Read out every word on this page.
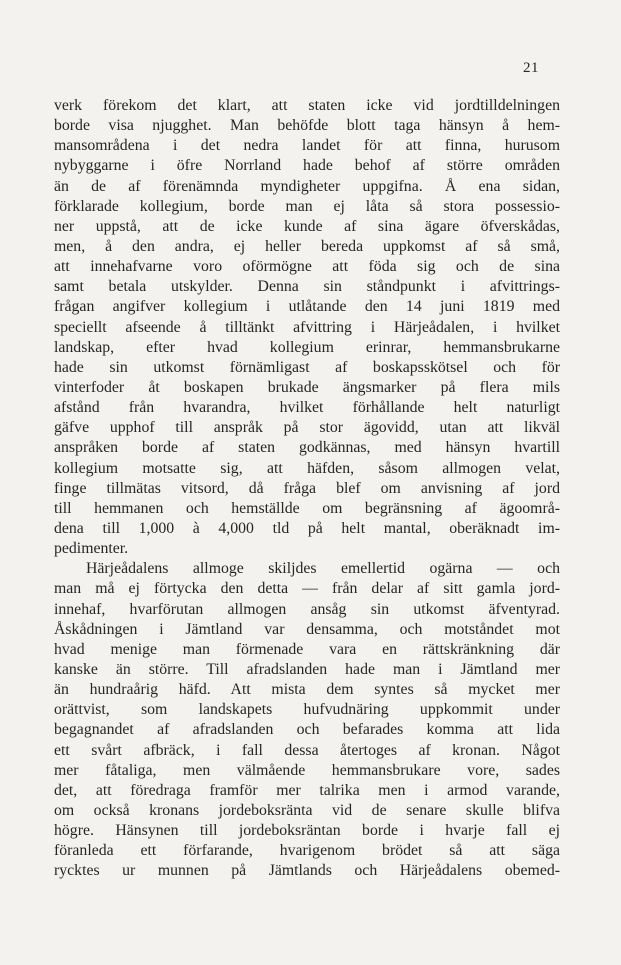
21
verk förekom det klart, att staten icke vid jordtilldelningen
borde visa njugghet. Man behöfde blott taga hänsyn å hem-
mansområdena i det nedra landet för att finna, hurusom
nybyggarne i öfre Norrland hade behof af större områden
än de af förenämnda myndigheter uppgifna. Å ena sidan,
förklarade kollegium, borde man ej låta så stora possessio-
ner uppstå, att de icke kunde af sina ägare öfverskådas,
men, å den andra, ej heller bereda uppkomst af så små,
att innehafvarne voro oförmögne att föda sig och de sina
samt betala utskylder. Denna sin ståndpunkt i afvittrings-
frågan angifver kollegium i utlåtande den 14 juni 1819 med
speciellt afseende å tilltänkt afvittring i Härjeådalen, i hvilket
landskap, efter hvad kollegium erinrar, hemmansbrukarne
hade sin utkomst förnämligast af boskapsskötsel och för
vinterfoder åt boskapen brukade ängsmarker på flera mils
afstånd från hvarandra, hvilket förhållande helt naturligt
gäfve upphof till anspråk på stor ägovidd, utan att likväl
anspråken borde af staten godkännas, med hänsyn hvartill
kollegium motsatte sig, att häfden, såsom allmogen velat,
finge tillmätas vitsord, då fråga blef om anvisning af jord
till hemmanen och hemställde om begränsning af ägoområ-
dena till 1,000 à 4,000 tld på helt mantal, oberäknadt im-
pedimenter.
Härjeådalens allmoge skiljdes emellertid ogärna — och
man må ej förtycka den detta — från delar af sitt gamla jord-
innehaf, hvarförutan allmogen ansåg sin utkomst äfventyrad.
Åskådningen i Jämtland var densamma, och motståndet mot
hvad menige man förmenade vara en rättskränkning där
kanske än större. Till afradslanden hade man i Jämtland mer
än hundraårig häfd. Att mista dem syntes så mycket mer
orättvist, som landskapets hufvudnäring uppkommit under
begagnandet af afradslanden och befarades komma att lida
ett svårt afbräck, i fall dessa återtoges af kronan. Något
mer fåtaliga, men välmående hemmansbrukare vore, sades
det, att föredraga framför mer talrika men i armod varande,
om också kronans jordeboksränta vid de senare skulle blifva
högre. Hänsynen till jordeboksräntan borde i hvarje fall ej
föranleda ett förfarande, hvarigenom brödet så att säga
rycktes ur munnen på Jämtlands och Härjeådalens obemed-
